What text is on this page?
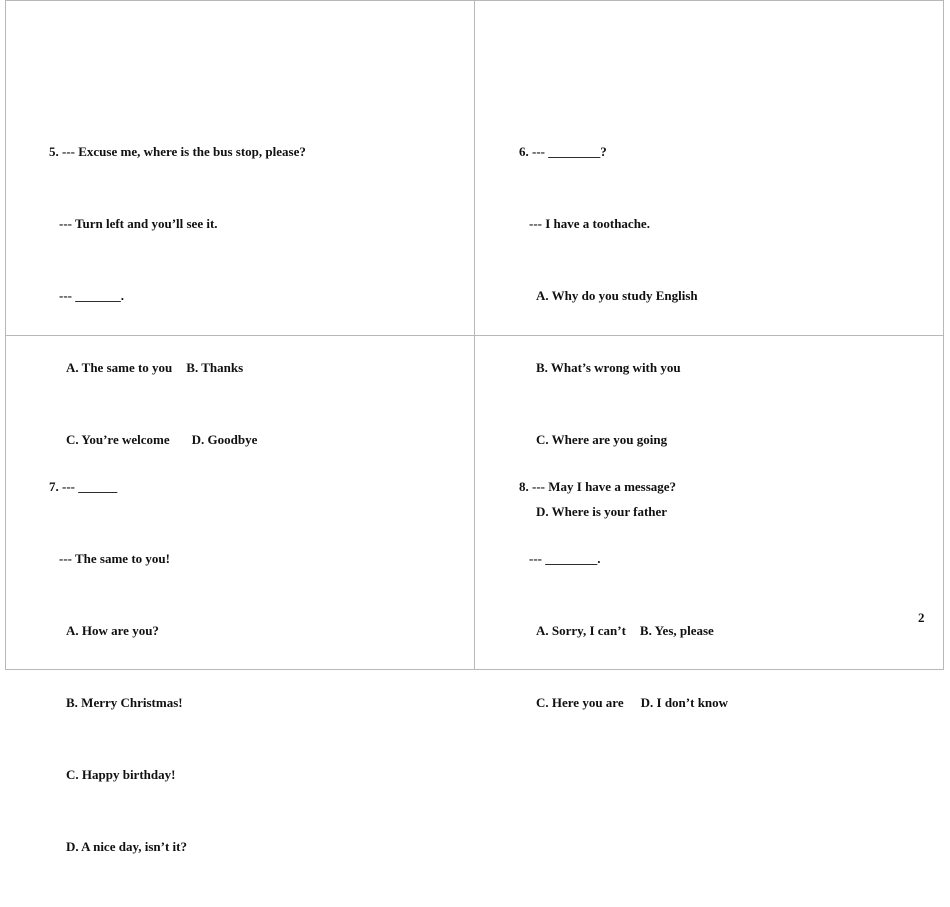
5. --- Excuse me, where is the bus stop, please?

--- Turn left and you’ll see it.

--- _______.

A. The same to you B. Thanks

C. You’re welcome D. Goodbye

6. --- ________?

--- I have a toothache.

A. Why do you study English

B. What’s wrong with you

C. Where are you going

D. Where is your father

7. --- ______

--- The same to you!

A. How are you?

B. Merry Christmas!

C. Happy birthday!

D. A nice day, isn’t it?

8. --- May I have a message?

--- ________.

A. Sorry, I can’t B. Yes, please

C. Here you are D. I don’t know

2
